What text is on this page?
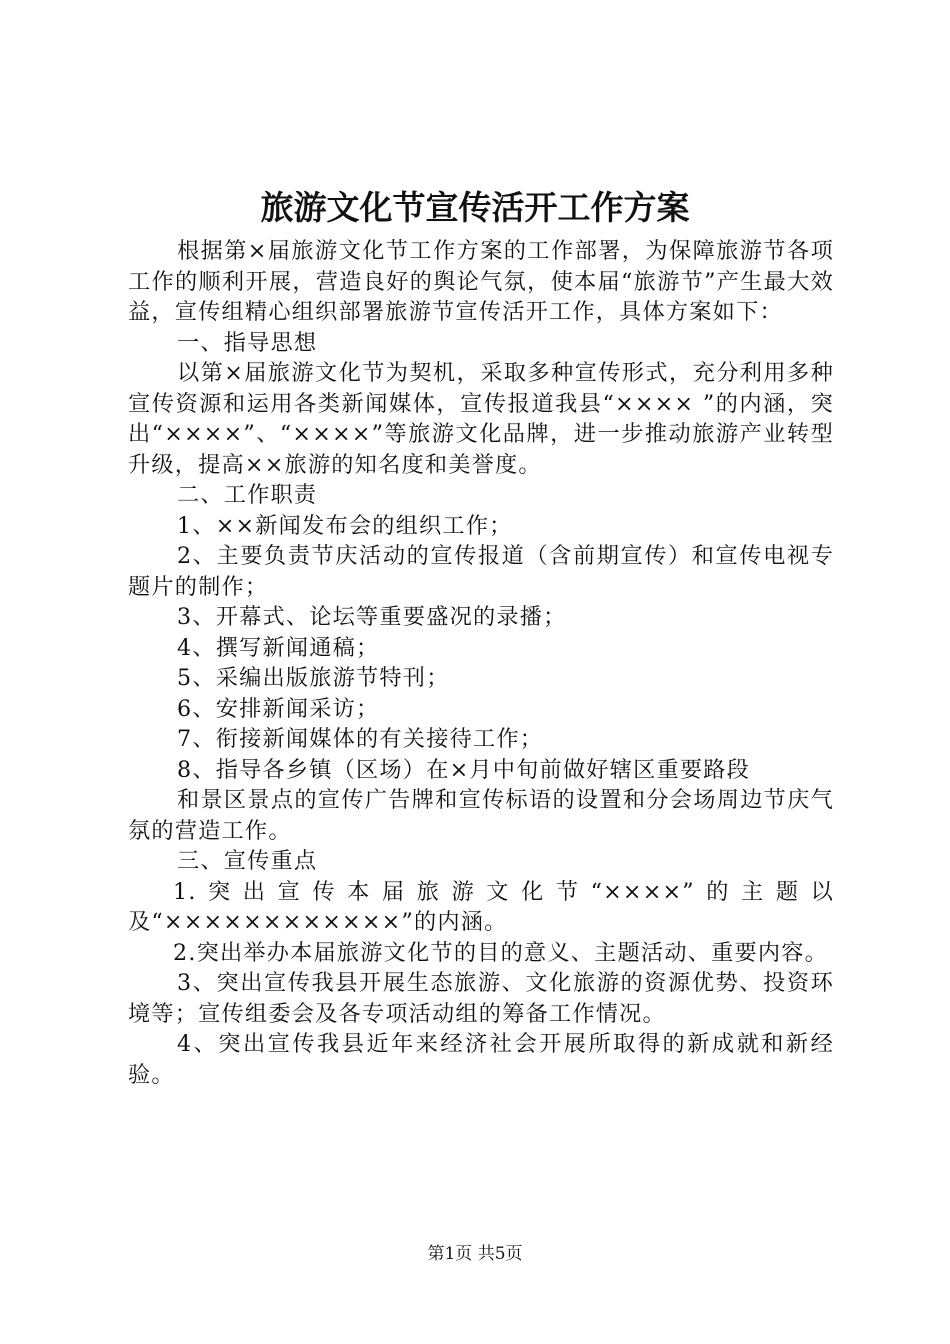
旅游文化节宣传活开工作方案

根据第×届旅游文化节工作方案的工作部署，为保障旅游节各项工作的顺利开展，营造良好的舆论气氛，使本届“旅游节”产生最大效益，宣传组精心组织部署旅游节宣传活开工作，具体方案如下：

一、指导思想

以第×届旅游文化节为契机，采取多种宣传形式，充分利用多种宣传资源和运用各类新闻媒体，宣传报道我县“×××× ”的内涵，突出“××××”、“××××”等旅游文化品牌，进一步推动旅游产业转型升级，提高××旅游的知名度和美誉度。

二、工作职责

1、××新闻发布会的组织工作；

2、主要负责节庆活动的宣传报道（含前期宣传）和宣传电视专题片的制作；

3、开幕式、论坛等重要盛况的录播；

4、撰写新闻通稿；

5、采编出版旅游节特刊；

6、安排新闻采访；

7、衔接新闻媒体的有关接待工作；

8、指导各乡镇（区场）在×月中旬前做好辖区重要路段

和景区景点的宣传广告牌和宣传标语的设置和分会场周边节庆气氛的营造工作。

三、宣传重点

1.突出宣传本届旅游文化节“××××”的主题以及“××××××××××××”的内涵。

2.突出举办本届旅游文化节的目的意义、主题活动、重要内容。

3、突出宣传我县开展生态旅游、文化旅游的资源优势、投资环境等；宣传组委会及各专项活动组的筹备工作情况。

4、突出宣传我县近年来经济社会开展所取得的新成就和新经验。

第1页 共5页
